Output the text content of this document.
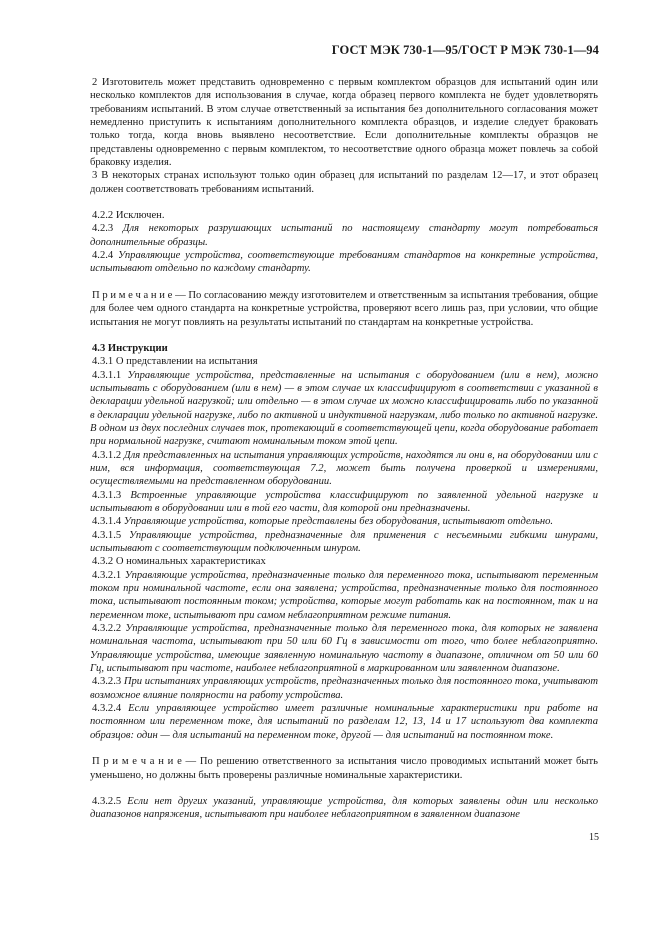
ГОСТ МЭК 730-1—95/ГОСТ Р МЭК 730-1—94

2 Изготовитель может представить одновременно с первым комплектом образцов для испытаний один или несколько комплектов для использования в случае, когда образец первого комплекта не будет удовлетворять требованиям испытаний. В этом случае ответственный за испытания без дополнительного согласования может немедленно приступить к испытаниям дополнительного комплекта образцов, и изделие следует браковать только тогда, когда вновь выявлено несоответствие. Если дополнительные комплекты образцов не представлены одновременно с первым комплектом, то несоответствие одного образца может повлечь за собой браковку изделия.

3 В некоторых странах используют только один образец для испытаний по разделам 12—17, и этот образец должен соответствовать требованиям испытаний.

4.2.2 Исключен.

4.2.3 Для некоторых разрушающих испытаний по настоящему стандарту могут потребоваться дополнительные образцы.

4.2.4 Управляющие устройства, соответствующие требованиям стандартов на конкретные устройства, испытывают отдельно по каждому стандарту.

П р и м е ч а н и е — По согласованию между изготовителем и ответственным за испытания требования, общие для более чем одного стандарта на конкретные устройства, проверяют всего лишь раз, при условии, что общие испытания не могут повлиять на результаты испытаний по стандартам на конкретные устройства.

4.3 Инструкции

4.3.1 О представлении на испытания

4.3.1.1 Управляющие устройства, представленные на испытания с оборудованием (или в нем), можно испытывать с оборудованием (или в нем) — в этом случае их классифицируют в соответствии с указанной в декларации удельной нагрузкой; или отдельно — в этом случае их можно классифицировать либо по указанной в декларации удельной нагрузке, либо по активной и индуктивной нагрузкам, либо только по активной нагрузке. В одном из двух последних случаев ток, протекающий в соответствующей цепи, когда оборудование работает при нормальной нагрузке, считают номинальным током этой цепи.

4.3.1.2 Для представленных на испытания управляющих устройств, находятся ли они в, на оборудовании или с ним, вся информация, соответствующая 7.2, может быть получена проверкой и измерениями, осуществляемыми на представленном оборудовании.

4.3.1.3 Встроенные управляющие устройства классифицируют по заявленной удельной нагрузке и испытывают в оборудовании или в той его части, для которой они предназначены.

4.3.1.4 Управляющие устройства, которые представлены без оборудования, испытывают отдельно.

4.3.1.5 Управляющие устройства, предназначенные для применения с несъемными гибкими шнурами, испытывают с соответствующим подключенным шнуром.

4.3.2 О номинальных характеристиках

4.3.2.1 Управляющие устройства, предназначенные только для переменного тока, испытывают переменным током при номинальной частоте, если она заявлена; устройства, предназначенные только для постоянного тока, испытывают постоянным током; устройства, которые могут работать как на постоянном, так и на переменном токе, испытывают при самом неблагоприятном режиме питания.

4.3.2.2 Управляющие устройства, предназначенные только для переменного тока, для которых не заявлена номинальная частота, испытывают при 50 или 60 Гц в зависимости от того, что более неблагоприятно. Управляющие устройства, имеющие заявленную номинальную частоту в диапазоне, отличном от 50 или 60 Гц, испытывают при частоте, наиболее неблагоприятной в маркированном или заявленном диапазоне.

4.3.2.3 При испытаниях управляющих устройств, предназначенных только для постоянного тока, учитывают возможное влияние полярности на работу устройства.

4.3.2.4 Если управляющее устройство имеет различные номинальные характеристики при работе на постоянном или переменном токе, для испытаний по разделам 12, 13, 14 и 17 используют два комплекта образцов: один — для испытаний на переменном токе, другой — для испытаний на постоянном токе.

П р и м е ч а н и е — По решению ответственного за испытания число проводимых испытаний может быть уменьшено, но должны быть проверены различные номинальные характеристики.

4.3.2.5 Если нет других указаний, управляющие устройства, для которых заявлены один или несколько диапазонов напряжения, испытывают при наиболее неблагоприятном в заявленном диапазоне

15
